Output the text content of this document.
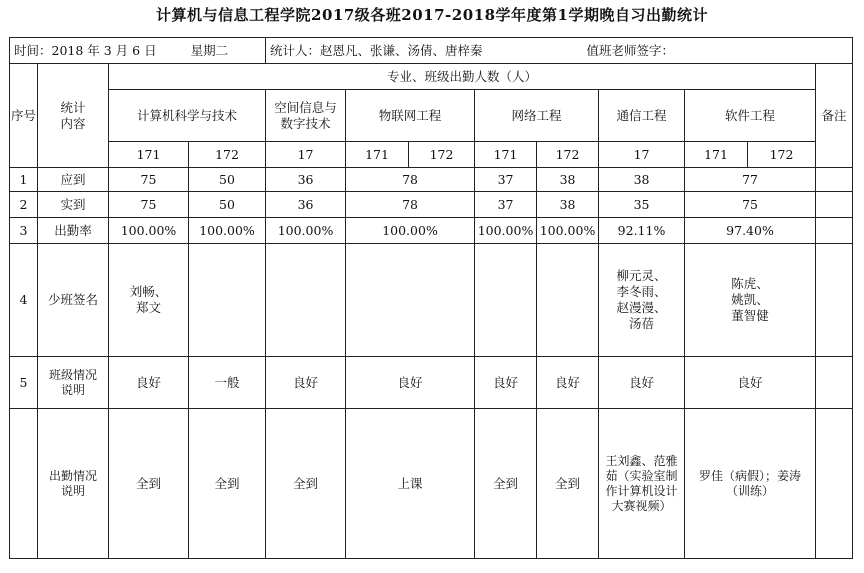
计算机与信息工程学院2017级各班2017-2018学年度第1学期晚自习出勤统计
时间：2018 年 3 月 6 日 星期二				统计人：赵恩凡、张谦、汤倩、唐梓秦 值班老师签字：								
序号	统计
内容	专业、班级出勤人数（人）										备注
		计算机科学与技术		空间信息与
数字技术	物联网工程		网络工程		通信工程	软件工程		
		171	172	17	171	172	171	172	17	171	172	
1	应到	75	50	36	78		37	38	38	77		
2	实到	75	50	36	78		37	38	35	75		
3	出勤率	100.00%	100.00%	100.00%	100.00%		100.00%	100.00%	92.11%	97.40%		
4	少班签名	刘畅、
郑文							柳元灵、
李冬雨、
赵漫漫、
汤蓓	陈虎、
姚凯、
董智健		
5	班级情况
说明	良好	一般	良好	良好		良好	良好	良好	良好		
	出勤情况
说明	全到	全到	全到	上课		全到	全到	王刘鑫、范雅
茹（实验室制
作计算机设计
大赛视频）	罗佳（病假）；姜涛
（训练）		
